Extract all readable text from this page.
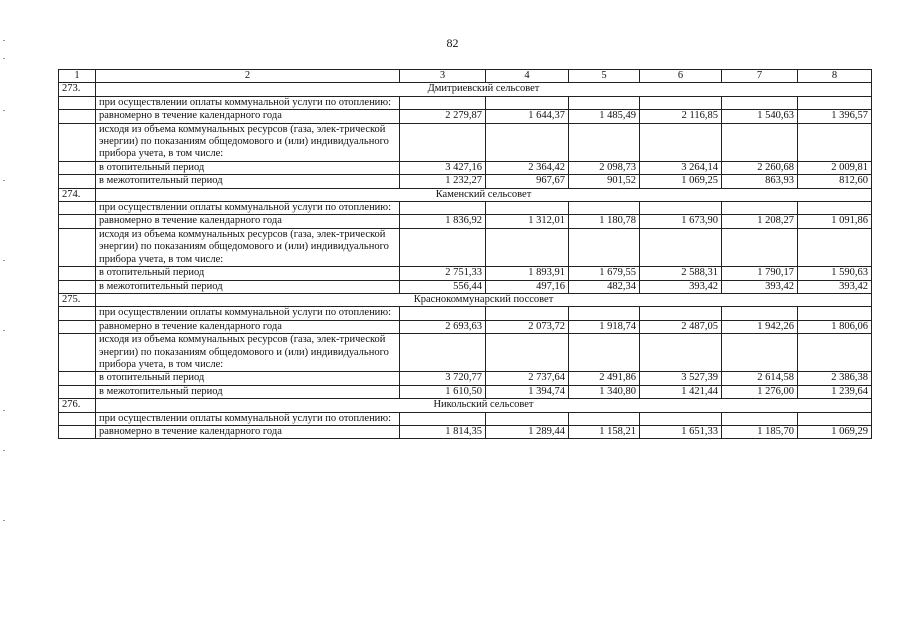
82
1	2	3	4	5	6	7	8
273.	Дмитриевский сельсовет						
	при осуществлении оплаты коммунальной услуги по отоплению:						
	равномерно в течение календарного года	2 279,87	1 644,37	1 485,49	2 116,85	1 540,63	1 396,57
	исходя из объема коммунальных ресурсов (газа, элек-трической энергии) по показаниям общедомового и (или) индивидуального прибора учета, в том числе:						
	в отопительный период	3 427,16	2 364,42	2 098,73	3 264,14	2 260,68	2 009,81
	в межотопительный период	1 232,27	967,67	901,52	1 069,25	863,93	812,60
274.	Каменский сельсовет						
	при осуществлении оплаты коммунальной услуги по отоплению:						
	равномерно в течение календарного года	1 836,92	1 312,01	1 180,78	1 673,90	1 208,27	1 091,86
	исходя из объема коммунальных ресурсов (газа, элек-трической энергии) по показаниям общедомового и (или) индивидуального прибора учета, в том числе:						
	в отопительный период	2 751,33	1 893,91	1 679,55	2 588,31	1 790,17	1 590,63
	в межотопительный период	556,44	497,16	482,34	393,42	393,42	393,42
275.	Краснокоммунарский поссовет						
	при осуществлении оплаты коммунальной услуги по отоплению:						
	равномерно в течение календарного года	2 693,63	2 073,72	1 918,74	2 487,05	1 942,26	1 806,06
	исходя из объема коммунальных ресурсов (газа, элек-трической энергии) по показаниям общедомового и (или) индивидуального прибора учета, в том числе:						
	в отопительный период	3 720,77	2 737,64	2 491,86	3 527,39	2 614,58	2 386,38
	в межотопительный период	1 610,50	1 394,74	1 340,80	1 421,44	1 276,00	1 239,64
276.	Никольский сельсовет						
	при осуществлении оплаты коммунальной услуги по отоплению:						
	равномерно в течение календарного года	1 814,35	1 289,44	1 158,21	1 651,33	1 185,70	1 069,29
